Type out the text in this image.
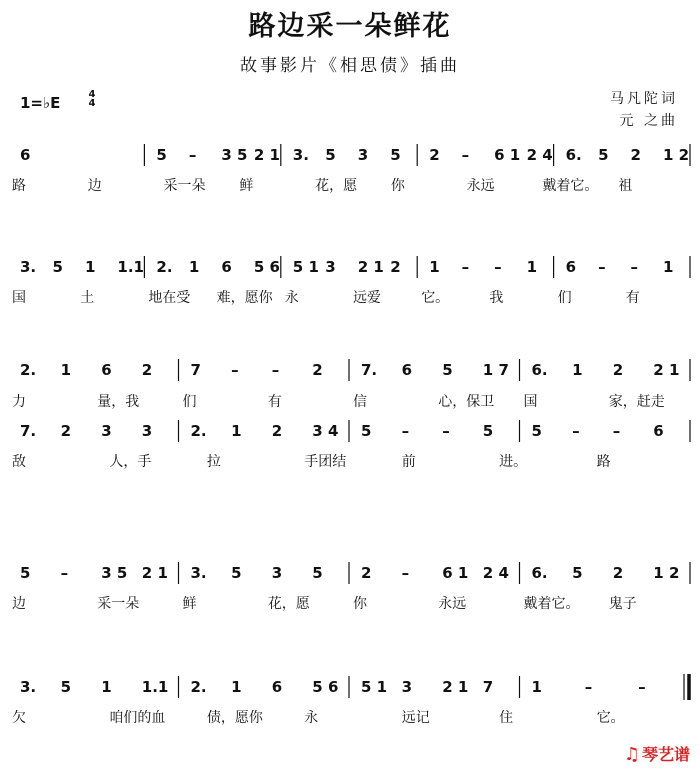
路边采一朵鲜花
故事影片《相思债》插曲
马凡陀词
元 之曲
1=♭E	4
4
6	5 – 3 5 2 1 3. 5 3 5 2 – 6 1 2 4 6. 5 2 1 2
路	边	采一朵 鲜	花，愿 你	永远	戴着它。 祖
3. 5 1 1.1 2. 1 6 5 6 5 1 3 2 1 2 1 – – 1 6 – – 1
国	土	地在受 难，愿你 永	远爱	它。	我	们	有
2. 1 6 2	7 – – 2	7. 6 5 1 7 6. 1 2 2 1
力	量，我	们	有	信	心，保卫 国	家，赶走
7. 2 3 3	2. 1 2 3 4 5 – – 5	5 – – 6
敌	人，手	拉	手团结	前	进。	路
5 – 3 5 2 1 3. 5 3 5	2 – 6 1 2 4 6. 5 2 1 2
边	采一朵	鲜	花，愿	你	永远	戴着它。 鬼子
3. 5 1 1.1 2. 1 6 5 6 5 1 3 2 1 7	1	–	–
欠	咱们的血	债，愿你	永	远记	住	它。
♫ 琴艺谱
